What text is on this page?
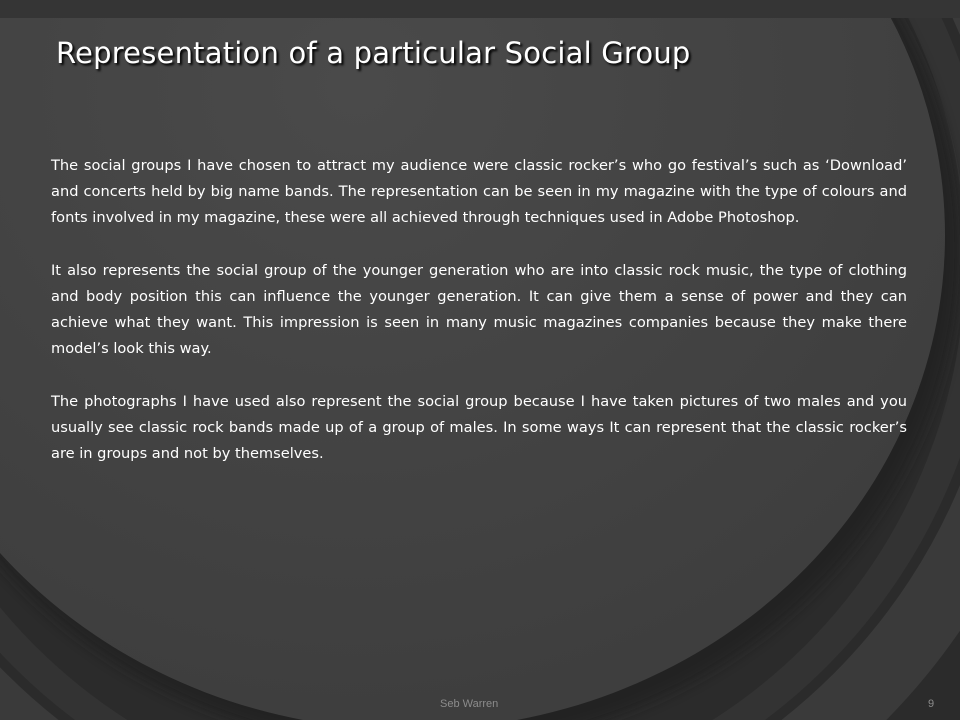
Representation of a particular Social Group

The social groups I have chosen to attract my audience were classic rocker’s who go festival’s such as ‘Download’ and concerts held by big name bands. The representation can be seen in my magazine with the type of colours and fonts involved in my magazine, these were all achieved through techniques used in Adobe Photoshop.

It also represents the social group of the younger generation who are into classic rock music, the type of clothing and body position this can influence the younger generation. It can give them a sense of power and they can achieve what they want. This impression is seen in many music magazines companies because they make there model’s look this way.

The photographs I have used also represent the social group because I have taken pictures of two males and you usually see classic rock bands made up of a group of males. In some ways It can represent that the classic rocker’s are in groups and not by themselves.

Seb Warren	9
